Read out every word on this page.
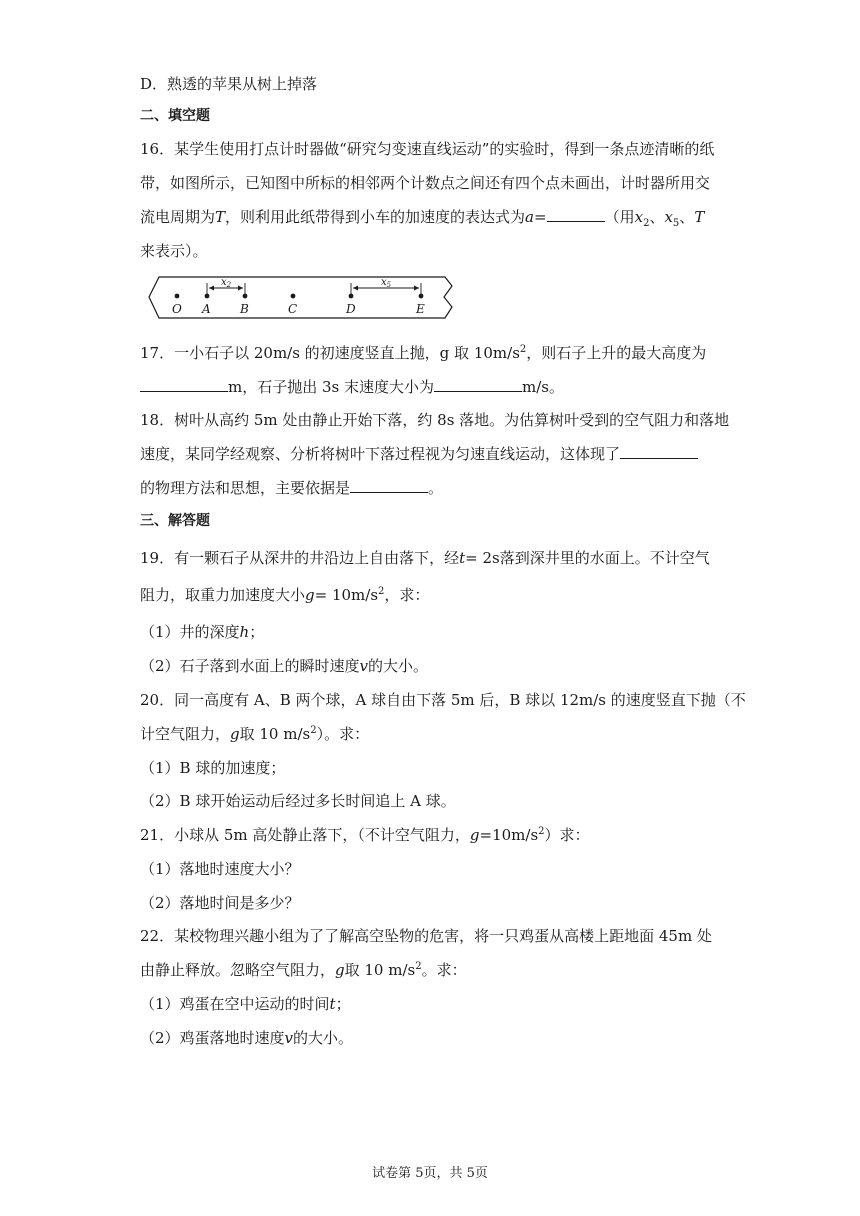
D．熟透的苹果从树上掉落
二、填空题
16．某学生使用打点计时器做“研究匀变速直线运动”的实验时，得到一条点迹清晰的纸
带，如图所示，已知图中所标的相邻两个计数点之间还有四个点未画出，计时器所用交
流电周期为T，则利用此纸带得到小车的加速度的表达式为a=	（用$x_2$、$x_5$、T
来表示）。
O A B	C	D	E
$x_2$	$x_5$
17．一小石子以 20m/s 的初速度竖直上抛，g 取 $10m/s^2$，则石子上升的最大高度为
m，石子抛出 3s 末速度大小为	m/s。
18．树叶从高约 5m 处由静止开始下落，约 8s 落地。为估算树叶受到的空气阻力和落地
速度，某同学经观察、分析将树叶下落过程视为匀速直线运动，这体现了
的物理方法和思想，主要依据是	。
三、解答题
19．有一颗石子从深井的井沿边上自由落下，经t= 2s落到深井里的水面上。不计空气
阻力，取重力加速度大小$g= 10m/s^2$，求：
（1）井的深度h；
（2）石子落到水面上的瞬时速度v的大小。
20．同一高度有 A、B 两个球，A 球自由下落 5m 后，B 球以 12m/s 的速度竖直下抛（不
计空气阻力，g取 10 $m/s^2$）。求：
（1）B 球的加速度；
（2）B 球开始运动后经过多长时间追上 A 球。
21．小球从 5m 高处静止落下，（不计空气阻力，$g=10m/s^2$）求：
（1）落地时速度大小？
（2）落地时间是多少？
22．某校物理兴趣小组为了了解高空坠物的危害，将一只鸡蛋从高楼上距地面 45m 处
由静止释放。忽略空气阻力，g取 10 $m/s^2$。求：
（1）鸡蛋在空中运动的时间t；
（2）鸡蛋落地时速度v的大小。
试卷第 5页，共 5页
